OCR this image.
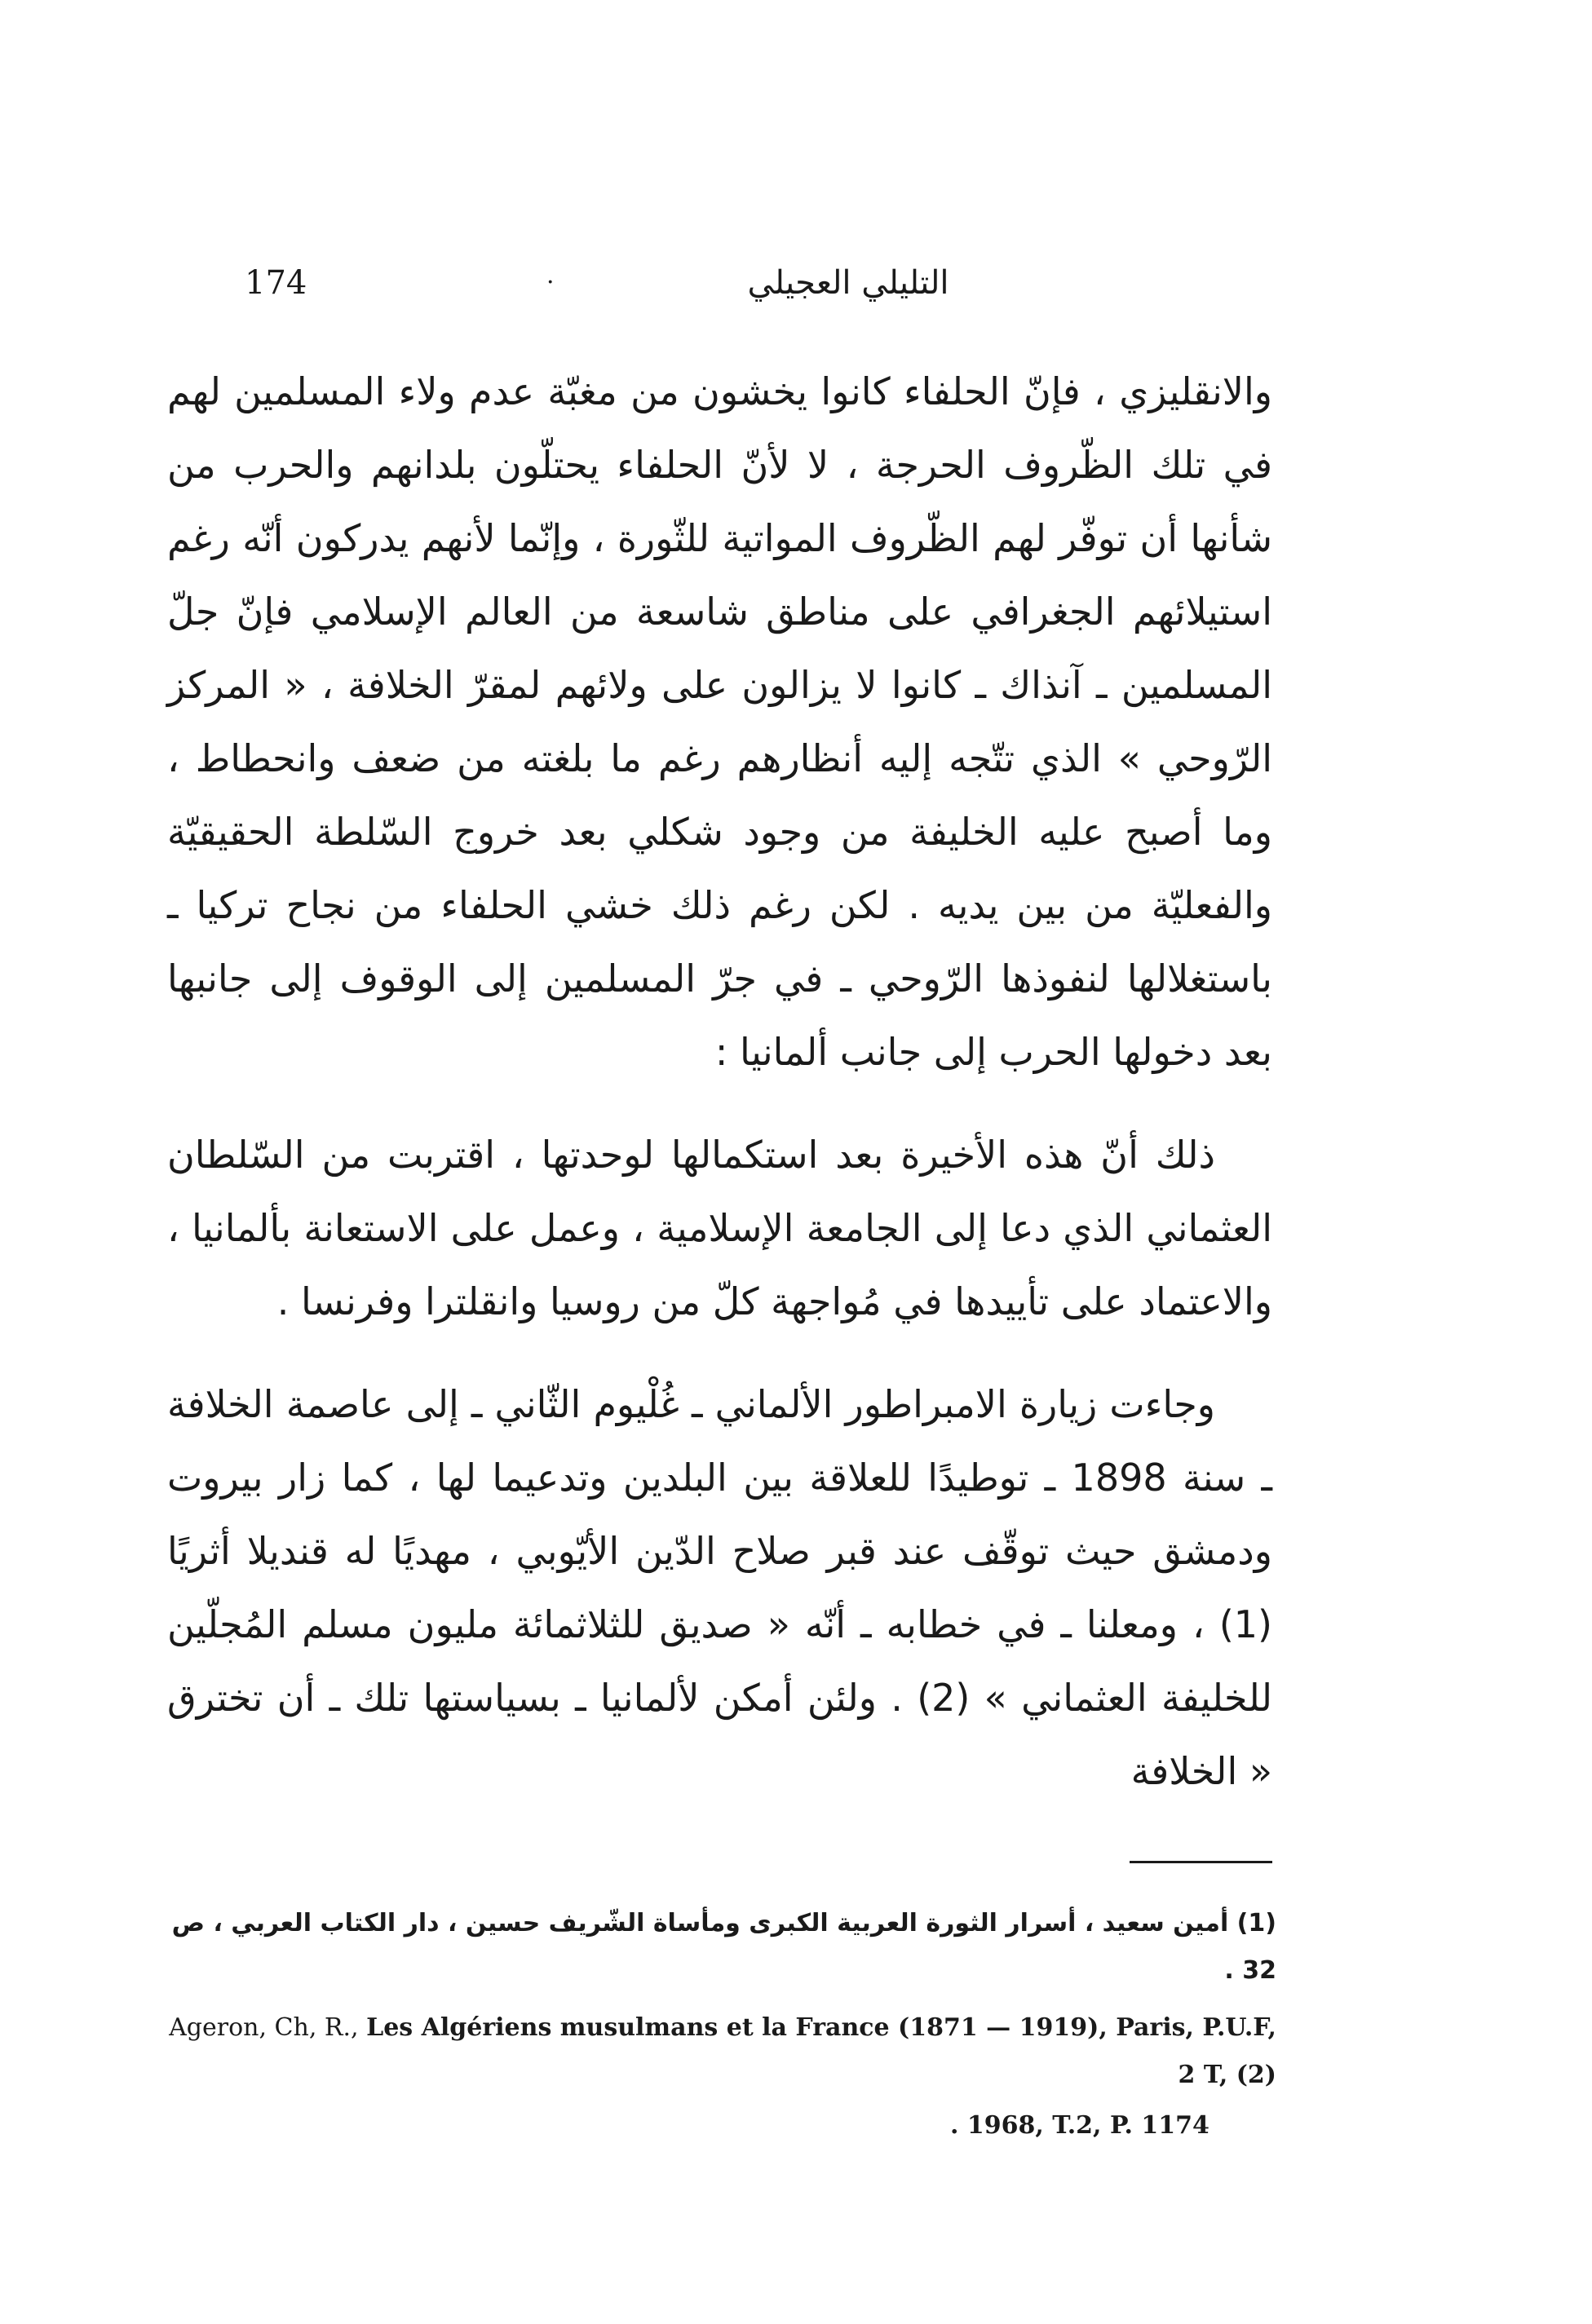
174	·	التليلي العجيلي

والانقليزي ، فإنّ الحلفاء كانوا يخشون من مغبّة عدم ولاء المسلمين لهم في تلك الظّروف الحرجة ، لا لأنّ الحلفاء يحتلّون بلدانهم والحرب من شأنها أن توفّر لهم الظّروف المواتية للثّورة ، وإنّما لأنهم يدركون أنّه رغم استيلائهم الجغرافي على مناطق شاسعة من العالم الإسلامي فإنّ جلّ المسلمين ـ آنذاك ـ كانوا لا يزالون على ولائهم لمقرّ الخلافة ، « المركز الرّوحي » الذي تتّجه إليه أنظارهم رغم ما بلغته من ضعف وانحطاط ، وما أصبح عليه الخليفة من وجود شكلي بعد خروج السّلطة الحقيقيّة والفعليّة من بين يديه . لكن رغم ذلك خشي الحلفاء من نجاح تركيا ـ باستغلالها لنفوذها الرّوحي ـ في جرّ المسلمين إلى الوقوف إلى جانبها بعد دخولها الحرب إلى جانب ألمانيا :

ذلك أنّ هذه الأخيرة بعد استكمالها لوحدتها ، اقتربت من السّلطان العثماني الذي دعا إلى الجامعة الإسلامية ، وعمل على الاستعانة بألمانيا ، والاعتماد على تأييدها في مُواجهة كلّ من روسيا وانقلترا وفرنسا .

وجاءت زيارة الامبراطور الألماني ـ غُلْيوم الثّاني ـ إلى عاصمة الخلافة ـ سنة 1898 ـ توطيدًا للعلاقة بين البلدين وتدعيما لها ، كما زار بيروت ودمشق حيث توقّف عند قبر صلاح الدّين الأيّوبي ، مهديًا له قنديلا أثريًا (1) ، ومعلنا ـ في خطابه ـ أنّه « صديق للثلاثمائة مليون مسلم المُجلّين للخليفة العثماني » (2) . ولئن أمكن لألمانيا ـ بسياستها تلك ـ أن تخترق « الخلافة

(1) أمين سعيد ، أسرار الثورة العربية الكبرى ومأساة الشّريف حسين ، دار الكتاب العربي ، ص 32 .

Ageron, Ch, R., Les Algériens musulmans et la France (1871 — 1919), Paris, P.U.F, 2 T, (2)

. 1968, T.2, P. 1174
